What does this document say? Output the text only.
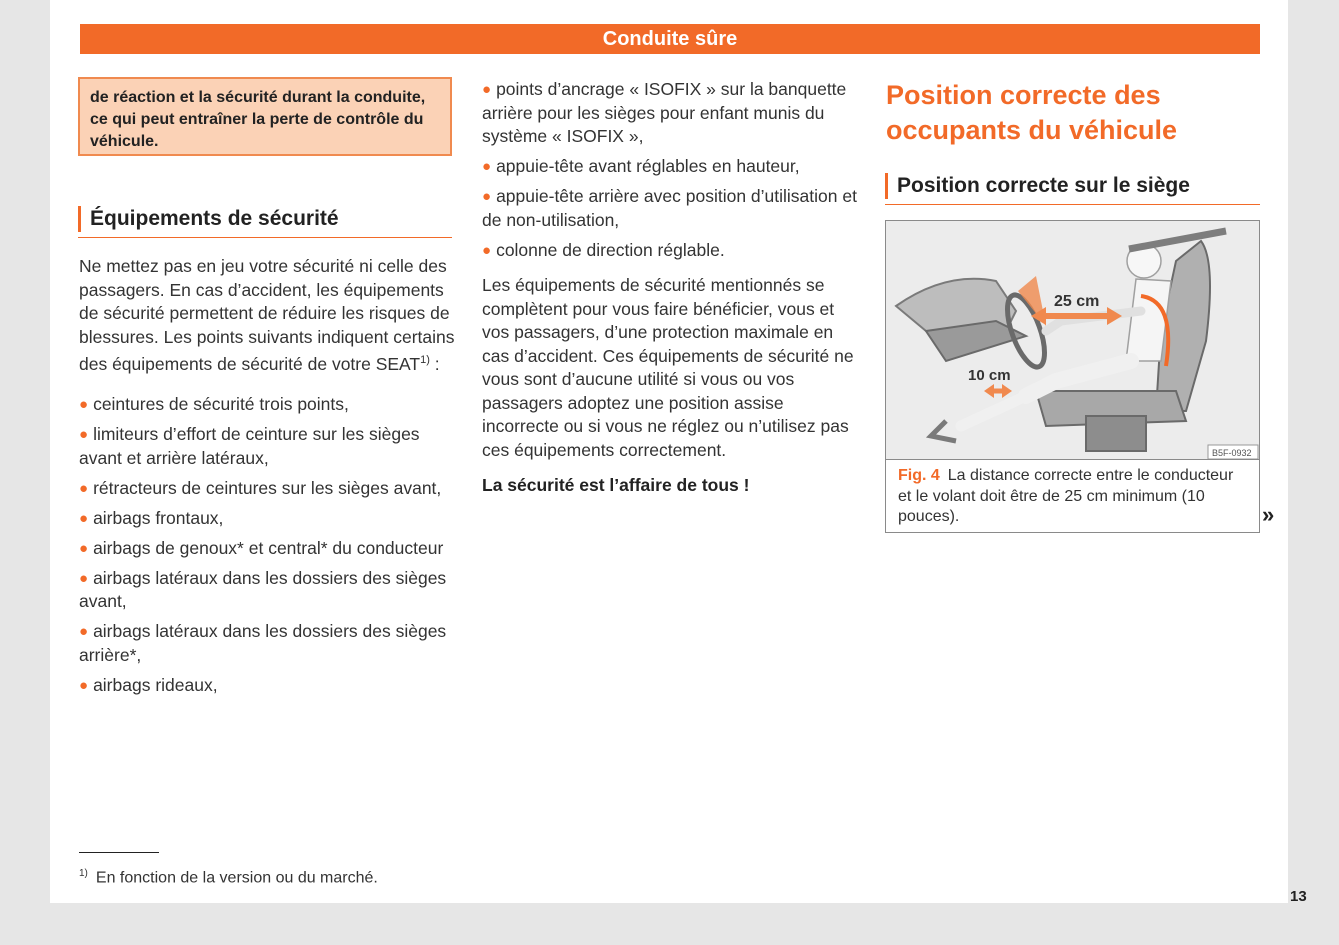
Conduite sûre
de réaction et la sécurité durant la conduite, ce qui peut entraîner la perte de contrôle du véhicule.
Équipements de sécurité

Ne mettez pas en jeu votre sécurité ni celle des passagers. En cas d’accident, les équipements de sécurité permettent de réduire les risques de blessures. Les points suivants indiquent certains des équipements de sécurité de votre SEAT$^{1)}$ :

● ceintures de sécurité trois points,
● limiteurs d’effort de ceinture sur les sièges avant et arrière latéraux,
● rétracteurs de ceintures sur les sièges avant,
● airbags frontaux,
● airbags de genoux* et central* du conducteur
● airbags latéraux dans les dossiers des sièges avant,
● airbags latéraux dans les dossiers des sièges arrière*,
● airbags rideaux,
● points d’ancrage « ISOFIX » sur la banquette arrière pour les sièges pour enfant munis du système « ISOFIX »,
● appuie-tête avant réglables en hauteur,
● appuie-tête arrière avec position d’utilisation et de non-utilisation,
● colonne de direction réglable.

Les équipements de sécurité mentionnés se complètent pour vous faire bénéficier, vous et vos passagers, d’une protection maximale en cas d’accident. Ces équipements de sécurité ne vous sont d’aucune utilité si vous ou vos passagers adoptez une position assise incorrecte ou si vous ne réglez ou n’utilisez pas ces équipements correctement.

La sécurité est l’affaire de tous !

Position correcte des occupants du véhicule
Position correcte sur le siège
25 cm
10 cm
B5F-0932
Fig. 4 La distance correcte entre le conducteur et le volant doit être de 25 cm minimum (10 pouces).	»
$^{1)}$ En fonction de la version ou du marché.
13
